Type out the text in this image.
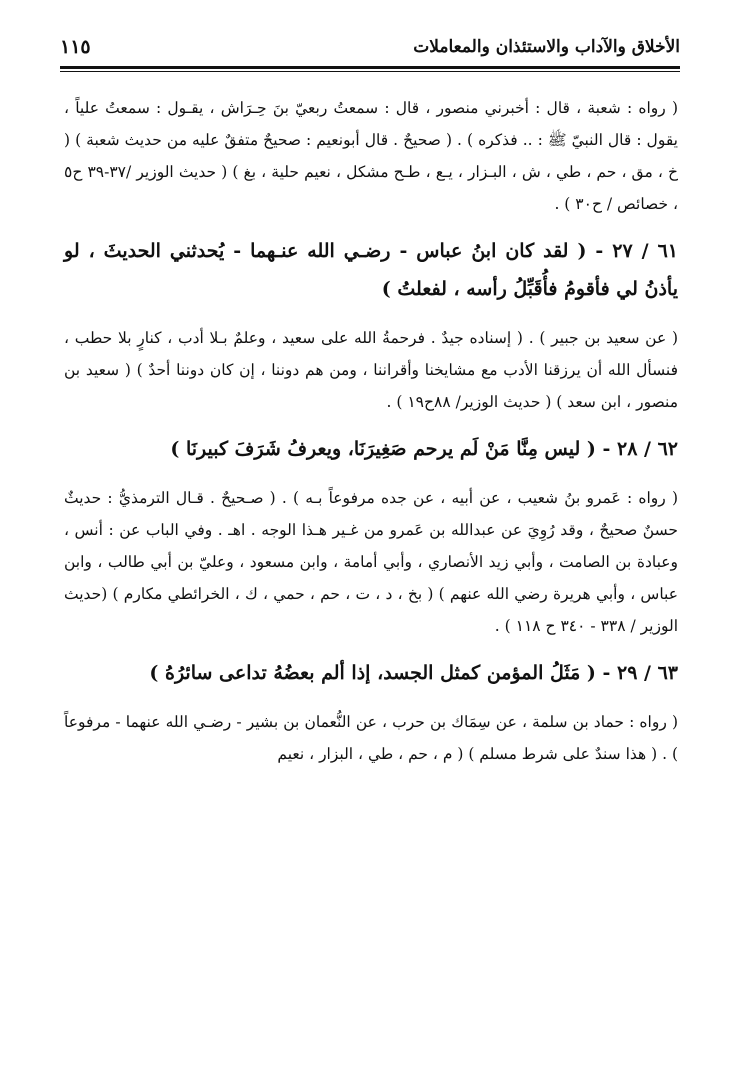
الأخلاق والآداب والاستئذان والمعاملات
١١٥

( رواه : شعبة ، قال : أخبرني منصور ، قال : سمعتُ ربعيّ بنَ حِـرَاش ، يقـول : سمعتُ علياً ، يقول : قال النبيّ ﷺ : .. فذكره ) . ( صحيحٌ . قال أبونعيم : صحيحٌ متفقٌ عليه من حديث شعبة ) ( خ ، مق ، حم ، طي ، ش ، البـزار ، يـع ، طـح مشكل ، نعيم حلية ، بغ ) ( حديث الوزير /٣٧-٣٩ ح٥ ، خصائص / ح٣٠ ) .

٦١ / ٢٧ - ( لقد كان ابنُ عباس - رضـي الله عنـهما - يُحدثني الحديثَ ، لو يأذنُ لي فأقومُ فأُقَبِّلُ رأسه ، لفعلتُ )

( عن سعيد بن جبير ) . ( إسناده جيدٌ . فرحمةُ الله على سعيد ، وعلمٌ بـلا أدب ، كنارٍ بلا حطب ، فنسأل الله أن يرزقنا الأدب مع مشايخنا وأقراننا ، ومن هم دوننا ، إن كان دوننا أحدٌ ) ( سعيد بن منصور ، ابن سعد ) ( حديث الوزير/ ٨٨ح١٩ ) .

٦٢ / ٢٨ - ( ليس مِنَّا مَنْ لَم يرحم صَغِيرَنَا، ويعرفُ شَرَفَ كبيرنَا )

( رواه : عَمرو بنُ شعيب ، عن أبيه ، عن جده مرفوعاً بـه ) . ( صـحيحٌ . قـال الترمذيُّ : حديثٌ حسنٌ صحيحٌ ، وقد رُوِيَ عن عبدالله بن عَمرو من غـير هـذا الوجه . اهـ . وفي الباب عن : أنس ، وعبادة بن الصامت ، وأبي زيد الأنصاري ، وأبي أمامة ، وابن مسعود ، وعليّ بن أبي طالب ، وابن عباس ، وأبي هريرة رضي الله عنهم ) ( بخ ، د ، ت ، حم ، حمي ، ك ، الخرائطي مكارم ) (حديث الوزير / ٣٣٨ - ٣٤٠ ح ١١٨ ) .

٦٣ / ٢٩ - ( مَثَلُ المؤمن كمثل الجسد، إذا ألم بعضُهُ تداعى سائرُهُ )

( رواه : حماد بن سلمة ، عن سِمَاك بن حرب ، عن النُّعمان بن بشير - رضـي الله عنهما - مرفوعاً ) . ( هذا سندٌ على شرط مسلم ) ( م ، حم ، طي ، البزار ، نعيم
